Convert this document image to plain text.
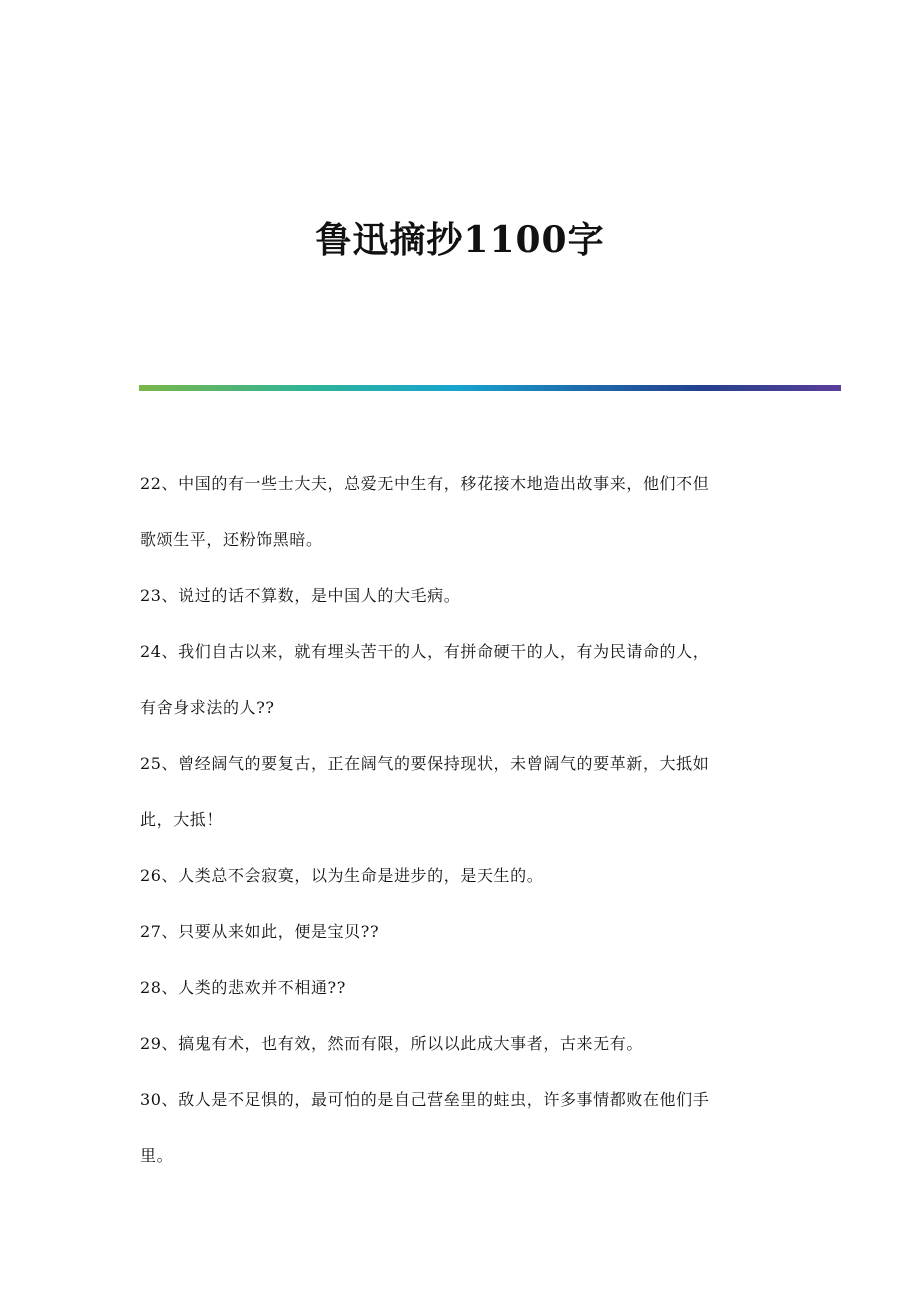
鲁迅摘抄1100字
22、中国的有一些士大夫，总爱无中生有，移花接木地造出故事来，他们不但
歌颂生平，还粉饰黑暗。
23、说过的话不算数，是中国人的大毛病。
24、我们自古以来，就有埋头苦干的人，有拼命硬干的人，有为民请命的人，
有舍身求法的人??
25、曾经阔气的要复古，正在阔气的要保持现状，未曾阔气的要革新，大抵如
此，大抵！
26、人类总不会寂寞，以为生命是进步的，是天生的。
27、只要从来如此，便是宝贝??
28、人类的悲欢并不相通??
29、搞鬼有术，也有效，然而有限，所以以此成大事者，古来无有。
30、敌人是不足惧的，最可怕的是自己营垒里的蛀虫，许多事情都败在他们手
里。
